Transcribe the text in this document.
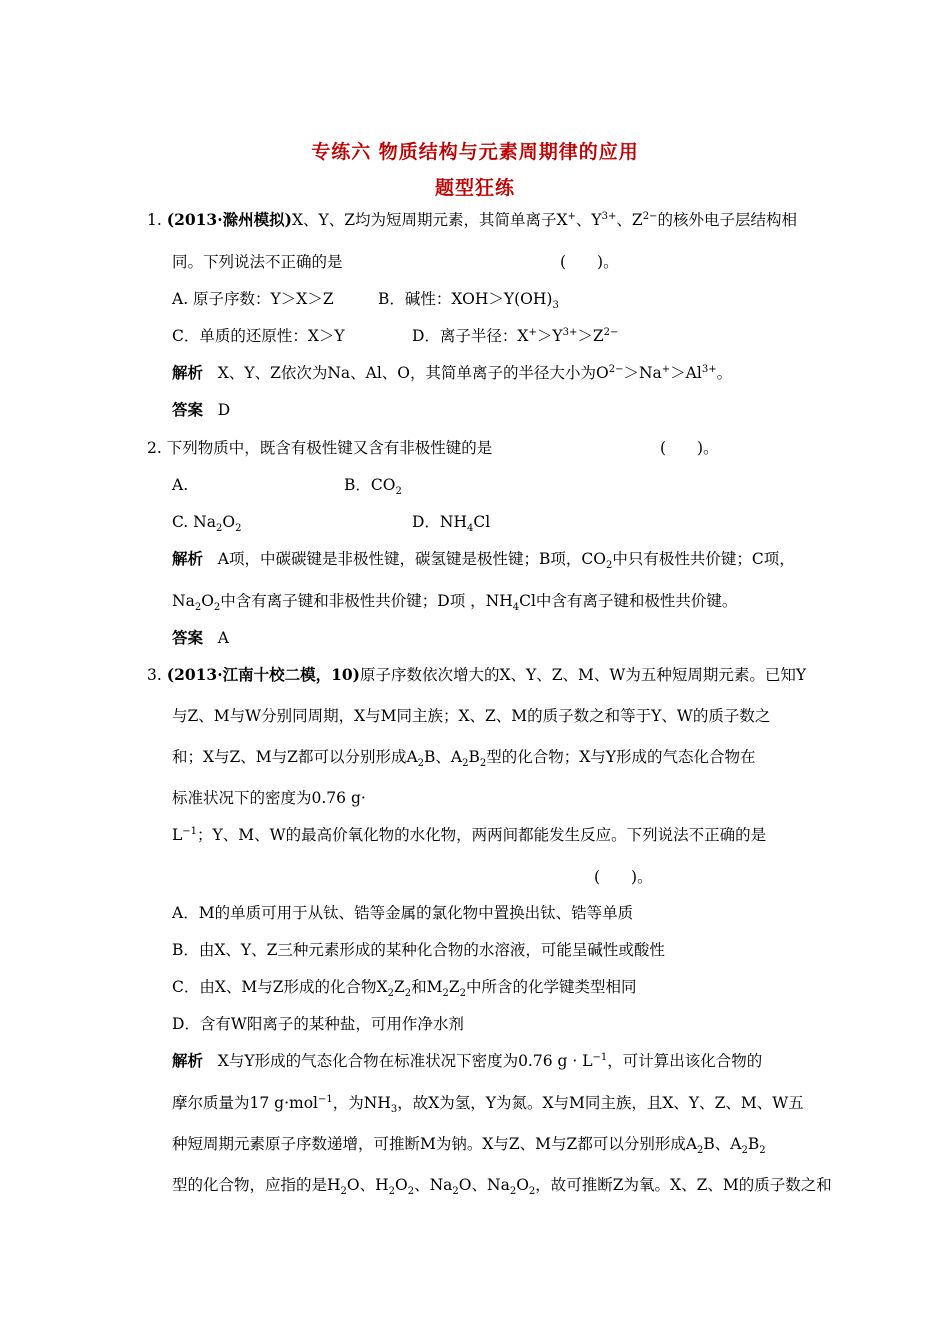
专练六 物质结构与元素周期律的应用
题型狂练
1. (2013·滁州模拟)X、Y、Z均为短周期元素，其简单离子X+、$Y^{3+}$、$Z^{2-}$的核外电子层结构相
同。下列说法不正确的是	(　　)。
A. 原子序数：Y＞X＞Z	B．碱性：$XOH>Y(OH)_3$
C．单质的还原性：X＞Y	D．离子半径：$X^+>Y^{3+}>Z^{2-}$
解析 X、Y、Z依次为Na、Al、O，其简单离子的半径大小为$O^{2-}>Na^+>Al^{3+}$。
答案 D
2. 下列物质中，既含有极性键又含有非极性键的是	(　　)。
A.	B．$CO_2$
C. $Na_2O_2$	D．$NH_4Cl$
解析 A项，中碳碳键是非极性键，碳氢键是极性键；B项，$CO_2$中只有极性共价键；C项，
$Na_2O_2$中含有离子键和非极性共价键；D项 ，$NH_4Cl$中含有离子键和极性共价键。
答案 A
3. (2013·江南十校二模，10)原子序数依次增大的X、Y、Z、M、W为五种短周期元素。已知Y
与Z、M与W分别同周期，X与M同主族；X、Z、M的质子数之和等于Y、W的质子数之
和；X与Z、M与Z都可以分别形成$A_2B$、$A_2B_2$型的化合物；X与Y形成的气态化合物在
标准状况下的密度为0.76 g·
$L^{-1}$；Y、M、W的最高价氧化物的水化物，两两间都能发生反应。下列说法不正确的是
(　　)。
A．M的单质可用于从钛、锆等金属的氯化物中置换出钛、锆等单质
B．由X、Y、Z三种元素形成的某种化合物的水溶液，可能呈碱性或酸性
C．由X、M与Z形成的化合物$X_2Z_2$和$M_2Z_2$中所含的化学键类型相同
D．含有W阳离子的某种盐，可用作净水剂
解析 X与Y形成的气态化合物在标准状况下密度为0.76 $g \cdot L^{-1}$，可计算出该化合物的
摩尔质量为17 g·mol$^{-1}$，为$NH_3$，故X为氢，Y为氮。X与M同主族，且X、Y、Z、M、W五
种短周期元素原子序数递增，可推断M为钠。X与Z、M与Z都可以分别形成$A_2B$、$A_2B_2$
型的化合物，应指的是$H_2O$、$H_2O_2$、$Na_2O$、$Na_2O_2$，故可推断Z为氧。X、Z、M的质子数之和
